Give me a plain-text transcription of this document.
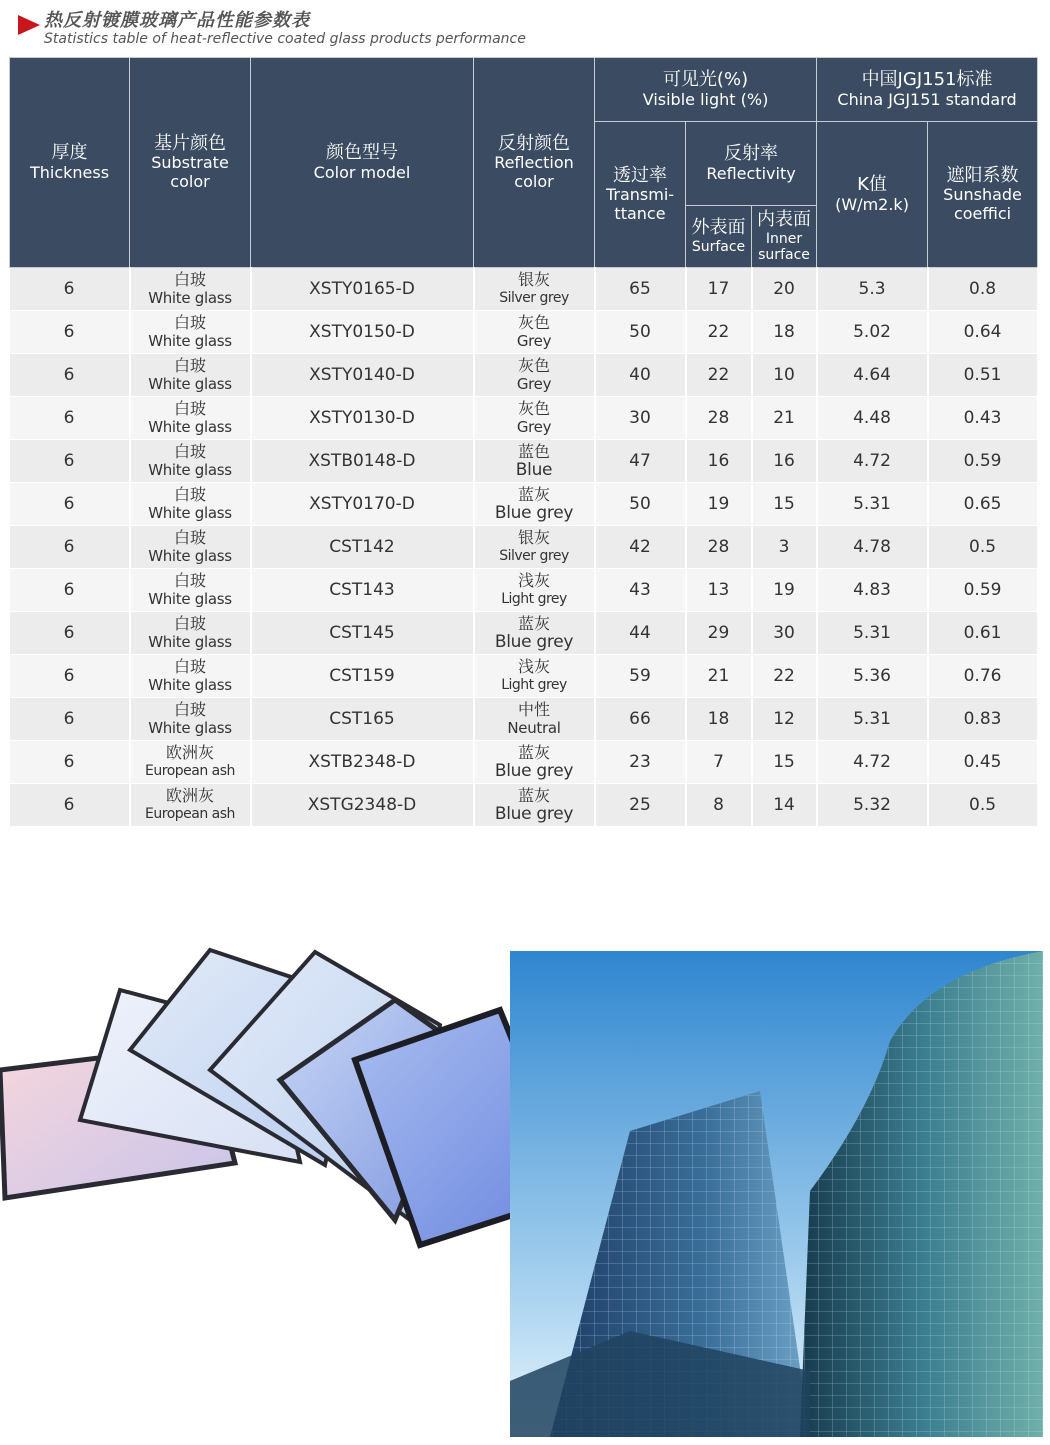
热反射镀膜玻璃产品性能参数表
Statistics table of heat-reflective coated glass products performance
厚度
Thickness	基片颜色
Substrate
color	颜色型号
Color model	反射颜色
Reflection
color	可见光(%)
Visible light (%)			中国JGJ151标准
China JGJ151 standard	

				透过率
Transmi-
ttance	反射率
Reflectivity		K值
(W/m2.k)	遮阳系数
Sunshade
coeffici

					外表面
Surface	内表面
Inner
surface		

6	白玻
White glass	XSTY0165-D	银灰
Silver grey	65	17	20	5.3	0.8
6	白玻
White glass	XSTY0150-D	灰色
Grey	50	22	18	5.02	0.64
6	白玻
White glass	XSTY0140-D	灰色
Grey	40	22	10	4.64	0.51
6	白玻
White glass	XSTY0130-D	灰色
Grey	30	28	21	4.48	0.43
6	白玻
White glass	XSTB0148-D	蓝色
Blue	47	16	16	4.72	0.59
6	白玻
White glass	XSTY0170-D	蓝灰
Blue grey	50	19	15	5.31	0.65
6	白玻
White glass	CST142	银灰
Silver grey	42	28	3	4.78	0.5
6	白玻
White glass	CST143	浅灰
Light grey	43	13	19	4.83	0.59
6	白玻
White glass	CST145	蓝灰
Blue grey	44	29	30	5.31	0.61
6	白玻
White glass	CST159	浅灰
Light grey	59	21	22	5.36	0.76
6	白玻
White glass	CST165	中性
Neutral	66	18	12	5.31	0.83
6	欧洲灰
European ash	XSTB2348-D	蓝灰
Blue grey	23	7	15	4.72	0.45
6	欧洲灰
European ash	XSTG2348-D	蓝灰
Blue grey	25	8	14	5.32	0.5
